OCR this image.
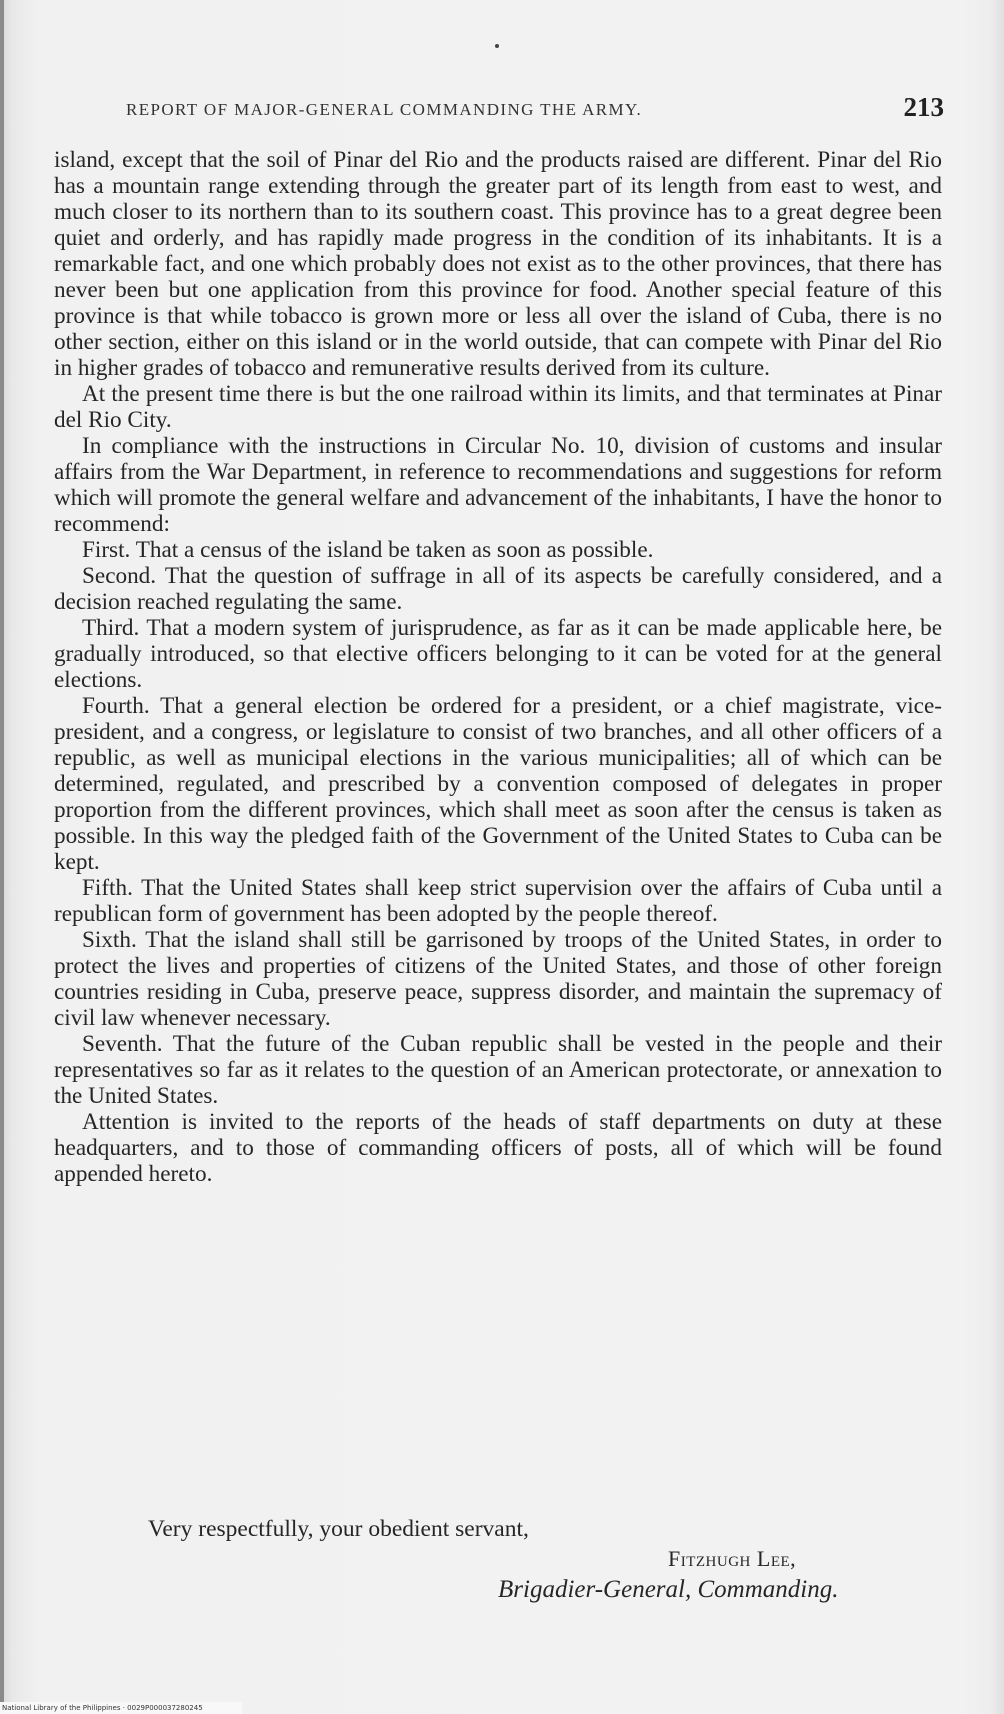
REPORT OF MAJOR-GENERAL COMMANDING THE ARMY.	213

island, except that the soil of Pinar del Rio and the products raised are different. Pinar del Rio has a mountain range extending through the greater part of its length from east to west, and much closer to its northern than to its southern coast. This province has to a great degree been quiet and orderly, and has rapidly made progress in the condition of its inhabitants. It is a remarkable fact, and one which probably does not exist as to the other provinces, that there has never been but one application from this province for food. Another special feature of this province is that while tobacco is grown more or less all over the island of Cuba, there is no other section, either on this island or in the world outside, that can compete with Pinar del Rio in higher grades of tobacco and remunerative results derived from its culture.

At the present time there is but the one railroad within its limits, and that terminates at Pinar del Rio City.

In compliance with the instructions in Circular No. 10, division of customs and insular affairs from the War Department, in reference to recommendations and suggestions for reform which will promote the general welfare and advancement of the inhabitants, I have the honor to recommend:

First. That a census of the island be taken as soon as possible.

Second. That the question of suffrage in all of its aspects be carefully considered, and a decision reached regulating the same.

Third. That a modern system of jurisprudence, as far as it can be made applicable here, be gradually introduced, so that elective officers belonging to it can be voted for at the general elections.

Fourth. That a general election be ordered for a president, or a chief magistrate, vice-president, and a congress, or legislature to consist of two branches, and all other officers of a republic, as well as municipal elections in the various municipalities; all of which can be determined, regulated, and prescribed by a convention composed of delegates in proper proportion from the different provinces, which shall meet as soon after the census is taken as possible. In this way the pledged faith of the Government of the United States to Cuba can be kept.

Fifth. That the United States shall keep strict supervision over the affairs of Cuba until a republican form of government has been adopted by the people thereof.

Sixth. That the island shall still be garrisoned by troops of the United States, in order to protect the lives and properties of citizens of the United States, and those of other foreign countries residing in Cuba, preserve peace, suppress disorder, and maintain the supremacy of civil law whenever necessary.

Seventh. That the future of the Cuban republic shall be vested in the people and their representatives so far as it relates to the question of an American protectorate, or annexation to the United States.

Attention is invited to the reports of the heads of staff departments on duty at these headquarters, and to those of commanding officers of posts, all of which will be found appended hereto.

Very respectfully, your obedient servant,
Fitzhugh Lee,
Brigadier-General, Commanding.
National Library of the Philippines · 0029P000037280245
